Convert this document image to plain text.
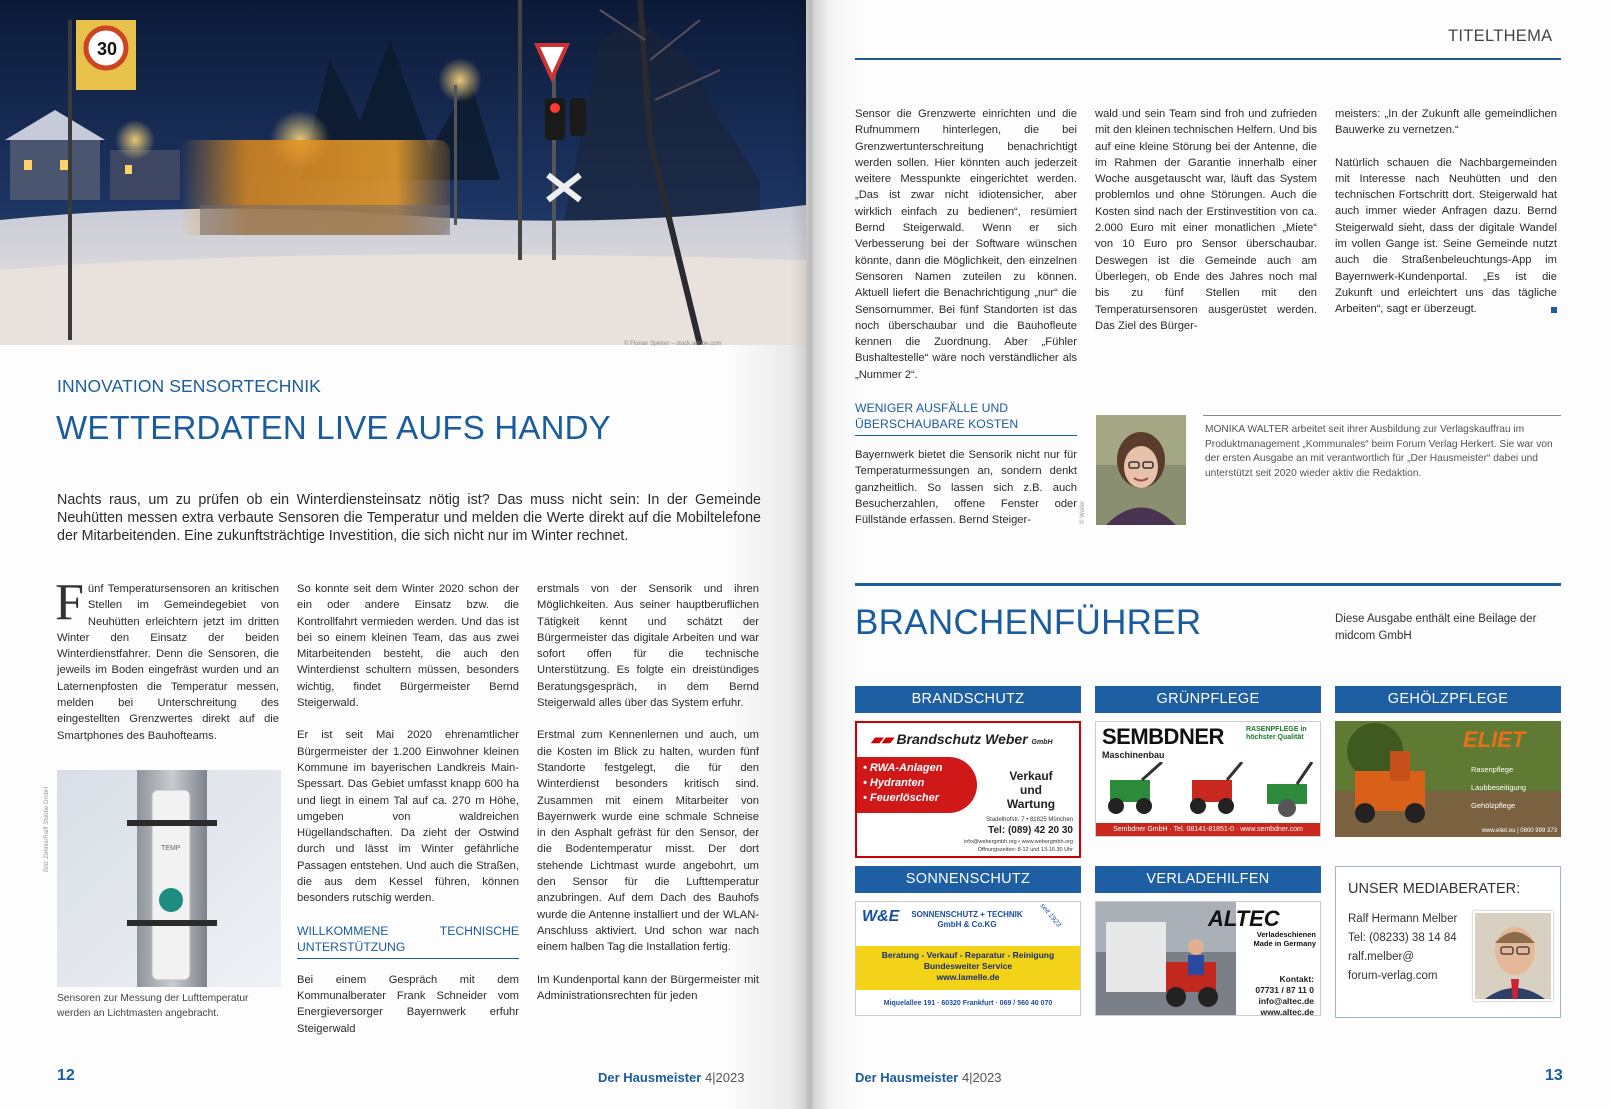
30
© Florian Speirer – stock.adobe.com
INNOVATION SENSORTECHNIK
WETTERDATEN LIVE AUFS HANDY
Nachts raus, um zu prüfen ob ein Winterdiensteinsatz nötig ist? Das muss nicht sein: In der Gemeinde Neuhütten messen extra verbaute Sensoren die Temperatur und melden die Werte direkt auf die Mobiltelefone der Mitarbeitenden. Eine zukunftsträchtige Investition, die sich nicht nur im Winter rechnet.

Fünf Temperatursensoren an kritischen Stellen im Gemeindegebiet von Neuhütten erleichtern jetzt im dritten Winter den Einsatz der beiden Winterdienstfahrer. Denn die Sensoren, die jeweils im Boden eingefräst wurden und an Laternenpfosten die Temperatur messen, melden bei Unterschreitung des eingestellten Grenzwertes direkt auf die Smartphones des Bauhofteams.

TEMP
Bild: Zehnle/Raiff Stobbe GmbH
Sensoren zur Messung der Lufttemperatur werden an Lichtmasten angebracht.

So konnte seit dem Winter 2020 schon der ein oder andere Einsatz bzw. die Kontrollfahrt vermieden werden. Und das ist bei so einem kleinen Team, das aus zwei Mitarbeitenden besteht, die auch den Winterdienst schultern müssen, besonders wichtig, findet Bürgermeister Bernd Steigerwald.

Er ist seit Mai 2020 ehrenamtlicher Bürgermeister der 1.200 Einwohner kleinen Kommune im bayerischen Landkreis Main-Spessart. Das Gebiet umfasst knapp 600 ha und liegt in einem Tal auf ca. 270 m Höhe, umgeben von waldreichen Hügellandschaften. Da zieht der Ostwind durch und lässt im Winter gefährliche Passagen entstehen. Und auch die Straßen, die aus dem Kessel führen, können besonders rutschig werden.

WILLKOMMENE TECHNISCHE UNTERSTÜTZUNG

Bei einem Gespräch mit dem Kommunalberater Frank Schneider vom Energieversorger Bayernwerk erfuhr Steigerwald

erstmals von der Sensorik und ihren Möglichkeiten. Aus seiner hauptberuflichen Tätigkeit kennt und schätzt der Bürgermeister das digitale Arbeiten und war sofort offen für die technische Unterstützung. Es folgte ein dreistündiges Beratungsgespräch, in dem Bernd Steigerwald alles über das System erfuhr.

Erstmal zum Kennenlernen und auch, um die Kosten im Blick zu halten, wurden fünf Standorte festgelegt, die für den Winterdienst besonders kritisch sind. Zusammen mit einem Mitarbeiter von Bayernwerk wurde eine schmale Schneise in den Asphalt gefräst für den Sensor, der die Bodentemperatur misst. Der dort stehende Lichtmast wurde angebohrt, um den Sensor für die Lufttemperatur anzubringen. Auf dem Dach des Bauhofs wurde die Antenne installiert und der WLAN-Anschluss aktiviert. Und schon war nach einem halben Tag die Installation fertig.

Im Kundenportal kann der Bürgermeister mit Administrationsrechten für jeden

12	Der Hausmeister 4|2023
TITELTHEMA

Sensor die Grenzwerte einrichten und die Rufnummern hinterlegen, die bei Grenzwertunterschreitung benachrichtigt werden sollen. Hier könnten auch jederzeit weitere Messpunkte eingerichtet werden. „Das ist zwar nicht idiotensicher, aber wirklich einfach zu bedienen“, resümiert Bernd Steigerwald. Wenn er sich Verbesserung bei der Software wünschen könnte, dann die Möglichkeit, den einzelnen Sensoren Namen zuteilen zu können. Aktuell liefert die Benachrichtigung „nur“ die Sensornummer. Bei fünf Standorten ist das noch überschaubar und die Bauhofleute kennen die Zuordnung. Aber „Fühler Bushaltestelle“ wäre noch verständlicher als „Nummer 2“.

WENIGER AUSFÄLLE UND ÜBERSCHAUBARE KOSTEN

Bayernwerk bietet die Sensorik nicht nur für Temperaturmessungen an, sondern denkt ganzheitlich. So lassen sich z.B. auch Besucherzahlen, offene Fenster oder Füllstände erfassen. Bernd Steiger-

wald und sein Team sind froh und zufrieden mit den kleinen technischen Helfern. Und bis auf eine kleine Störung bei der Antenne, die im Rahmen der Garantie innerhalb einer Woche ausgetauscht war, läuft das System problemlos und ohne Störungen. Auch die Kosten sind nach der Erstinvestition von ca. 2.000 Euro mit einer monatlichen „Miete“ von 10 Euro pro Sensor überschaubar. Deswegen ist die Gemeinde auch am Überlegen, ob Ende des Jahres noch mal bis zu fünf Stellen mit den Temperatursensoren ausgerüstet werden. Das Ziel des Bürger-

meisters: „In der Zukunft alle gemeindlichen Bauwerke zu vernetzen.“

Natürlich schauen die Nachbargemeinden mit Interesse nach Neuhütten und den technischen Fortschritt dort. Steigerwald hat auch immer wieder Anfragen dazu. Bernd Steigerwald sieht, dass der digitale Wandel im vollen Gange ist. Seine Gemeinde nutzt auch die Straßenbeleuchtungs-App im Bayernwerk-Kundenportal. „Es ist die Zukunft und erleichtert uns das tägliche Arbeiten“, sagt er überzeugt.

© Walter
MONIKA WALTER arbeitet seit ihrer Ausbildung zur Verlagskauffrau im Produktmanagement „Kommunales“ beim Forum Verlag Herkert. Sie war von der ersten Ausgabe an mit verantwortlich für „Der Hausmeister“ dabei und unterstützt seit 2020 wieder aktiv die Redaktion.
BRANCHENFÜHRER	Diese Ausgabe enthält eine Beilage der midcom GmbH
BRANDSCHUTZ
▰▰ Brandschutz Weber GmbH
• RWA-Anlagen
• Hydranten
• Feuerlöscher
Verkauf und Wartung
Stadelhofstr. 7 • 81825 München
Tel: (089) 42 20 30
info@webergmbh.org • www.webergmbh.org
Öffnungszeiten: 8-12 und 13-16.30 Uhr
GRÜNPFLEGE
SEMBDNER	RASENPFLEGE in höchster Qualität
Maschinenbau
Sembdner GmbH · Tel. 08141-81851-0 · www.sembdner.com
GEHÖLZPFLEGE
ELIET
Rasenpflege
Laubbeseitigung
Gehölzpflege
www.eliet.eu | 0800 999 373
SONNENSCHUTZ
W&E	SONNENSCHUTZ + TECHNIK GmbH & Co.KG	seit 1923
Beratung - Verkauf - Reparatur - Reinigung Bundesweiter Service
www.lamelle.de
Miquelallee 191 · 60320 Frankfurt · 069 / 560 40 070
VERLADEHILFEN
ALTEC
Verladeschienen Made in Germany
Kontakt:
07731 / 87 11 0
info@altec.de
www.altec.de
UNSER MEDIABERATER:
Ralf Hermann Melber
Tel: (08233) 38 14 84
ralf.melber@
forum-verlag.com
Der Hausmeister 4|2023	13
